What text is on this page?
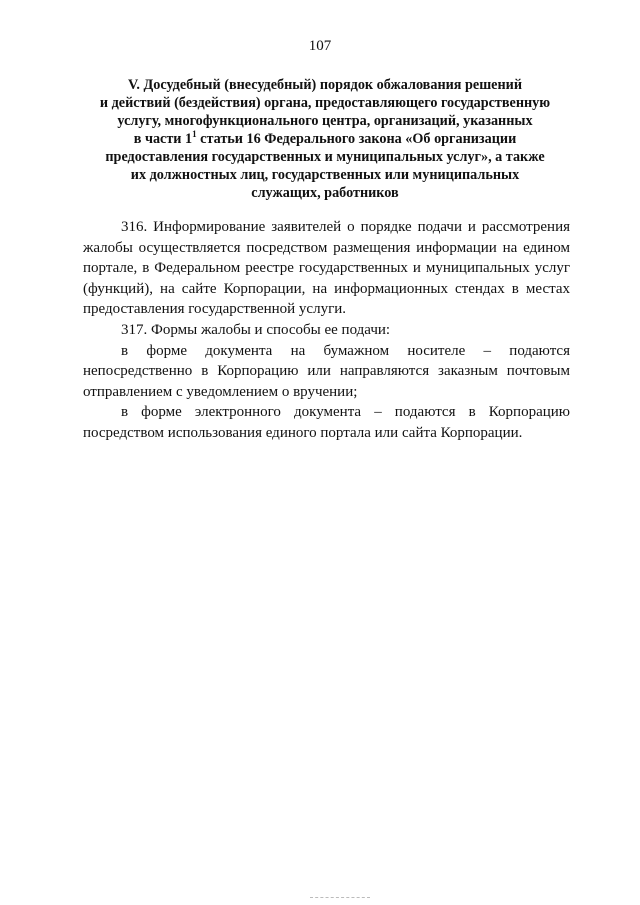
107
V. Досудебный (внесудебный) порядок обжалования решений
и действий (бездействия) органа, предоставляющего государственную
услугу, многофункционального центра, организаций, указанных
в части $1^1$ статьи 16 Федерального закона «Об организации
предоставления государственных и муниципальных услуг», а также
их должностных лиц, государственных или муниципальных
служащих, работников

316. Информирование заявителей о порядке подачи и рассмотрения
жалобы осуществляется посредством размещения информации на едином
портале, в Федеральном реестре государственных и муниципальных услуг
(функций), на сайте Корпорации, на информационных стендах в местах
предоставления государственной услуги.

317. Формы жалобы и способы ее подачи:

в форме документа на бумажном носителе – подаются
непосредственно в Корпорацию или направляются заказным почтовым
отправлением с уведомлением о вручении;

в форме электронного документа – подаются в Корпорацию
посредством использования единого портала или сайта Корпорации.
